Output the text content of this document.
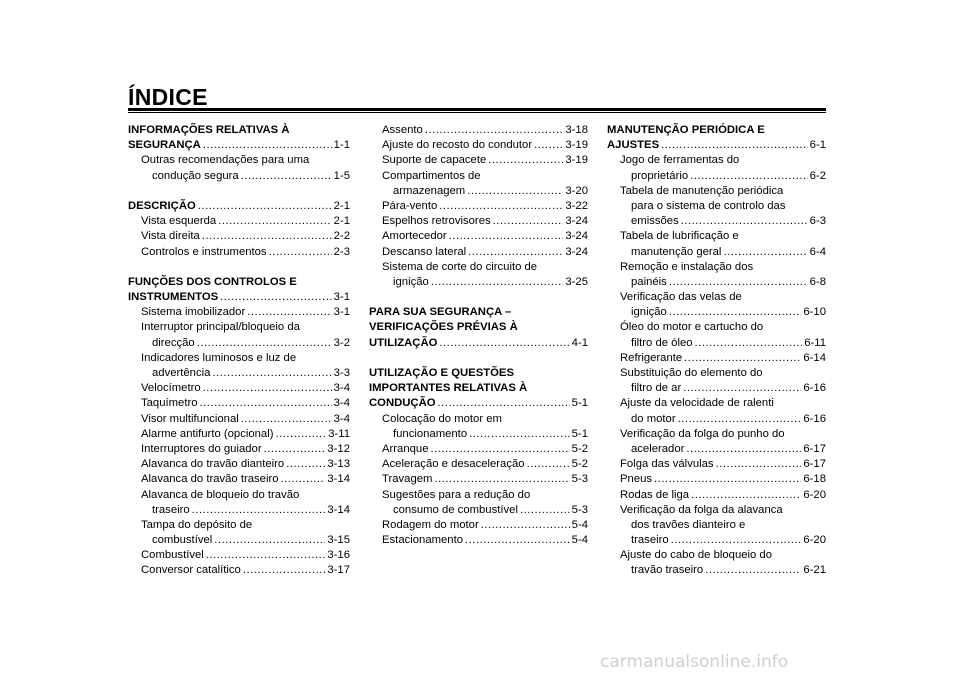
ÍNDICE
INFORMAÇÕES RELATIVAS À
SEGURANÇA .....	1-1
Outras recomendações para uma
condução segura .....	1-5
DESCRIÇÃO .....	2-1
Vista esquerda .....	2-1
Vista direita .....	2-2
Controlos e instrumentos .....	2-3
FUNÇÕES DOS CONTROLOS E
INSTRUMENTOS .....	3-1
Sistema imobilizador .....	3-1
Interruptor principal/bloqueio da
direcção .....	3-2
Indicadores luminosos e luz de
advertência .....	3-3
Velocímetro .....	3-4
Taquímetro .....	3-4
Visor multifuncional .....	3-4
Alarme antifurto (opcional) .....	3-11
Interruptores do guiador .....	3-12
Alavanca do travão dianteiro .....	3-13
Alavanca do travão traseiro .....	3-14
Alavanca de bloqueio do travão
traseiro .....	3-14
Tampa do depósito de
combustível .....	3-15
Combustível .....	3-16
Conversor catalítico .....	3-17
Assento .....	3-18
Ajuste do recosto do condutor .....	3-19
Suporte de capacete .....	3-19
Compartimentos de
armazenagem .....	3-20
Pára-vento .....	3-22
Espelhos retrovisores .....	3-24
Amortecedor .....	3-24
Descanso lateral .....	3-24
Sistema de corte do circuito de
ignição .....	3-25
PARA SUA SEGURANÇA –
VERIFICAÇÕES PRÉVIAS À
UTILIZAÇÃO .....	4-1
UTILIZAÇÃO E QUESTÕES
IMPORTANTES RELATIVAS À
CONDUÇÃO .....	5-1
Colocação do motor em
funcionamento .....	5-1
Arranque .....	5-2
Aceleração e desaceleração .....	5-2
Travagem .....	5-3
Sugestões para a redução do
consumo de combustível .....	5-3
Rodagem do motor .....	5-4
Estacionamento .....	5-4
MANUTENÇÃO PERIÓDICA E
AJUSTES .....	6-1
Jogo de ferramentas do
proprietário .....	6-2
Tabela de manutenção periódica
para o sistema de controlo das
emissões .....	6-3
Tabela de lubrificação e
manutenção geral .....	6-4
Remoção e instalação dos
painéis .....	6-8
Verificação das velas de
ignição .....	6-10
Óleo do motor e cartucho do
filtro de óleo .....	6-11
Refrigerante .....	6-14
Substituição do elemento do
filtro de ar .....	6-16
Ajuste da velocidade de ralenti
do motor .....	6-16
Verificação da folga do punho do
acelerador .....	6-17
Folga das válvulas .....	6-17
Pneus .....	6-18
Rodas de liga .....	6-20
Verificação da folga da alavanca
dos travões dianteiro e
traseiro .....	6-20
Ajuste do cabo de bloqueio do
travão traseiro .....	6-21
carmanualsonline.info
